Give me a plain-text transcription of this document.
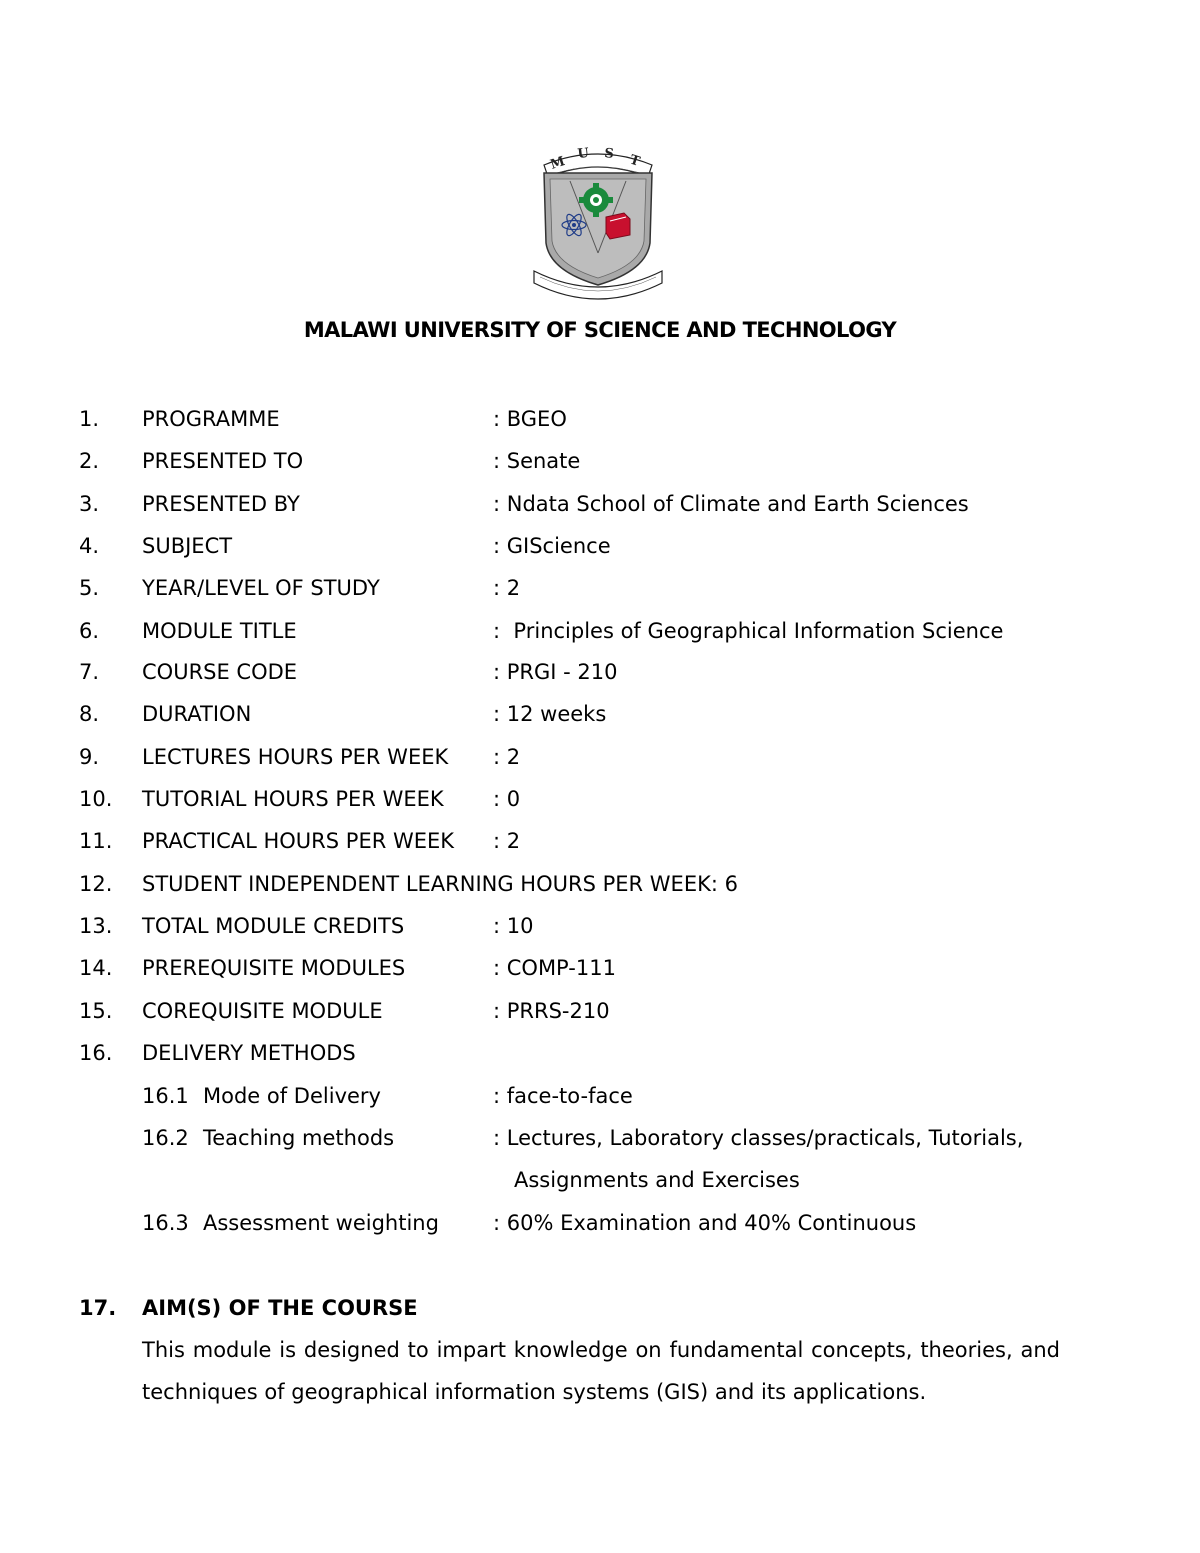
M
U S T
MALAWI UNIVERSITY OF SCIENCE AND TECHNOLOGY
1. PROGRAMME	: BGEO
2. PRESENTED TO	: Senate
3. PRESENTED BY	: Ndata School of Climate and Earth Sciences
4. SUBJECT	: GIScience
5. YEAR/LEVEL OF STUDY	: 2
6. MODULE TITLE	:  Principles of Geographical Information Science
7. COURSE CODE	: PRGI - 210
8. DURATION	: 12 weeks
9. LECTURES HOURS PER WEEK : 2
10. TUTORIAL HOURS PER WEEK : 0
11. PRACTICAL HOURS PER WEEK : 2
12. STUDENT INDEPENDENT LEARNING HOURS PER WEEK: 6
13. TOTAL MODULE CREDITS	: 10
14. PREREQUISITE MODULES	: COMP-111
15. COREQUISITE MODULE	: PRRS-210
16. DELIVERY METHODS
16.1 Mode of Delivery	: face-to-face
16.2 Teaching methods	: Lectures, Laboratory classes/practicals, Tutorials,
Assignments and Exercises
16.3 Assessment weighting	: 60% Examination and 40% Continuous
17. AIM(S) OF THE COURSE
This module is designed to impart knowledge on fundamental concepts, theories, and
techniques of geographical information systems (GIS) and its applications.
